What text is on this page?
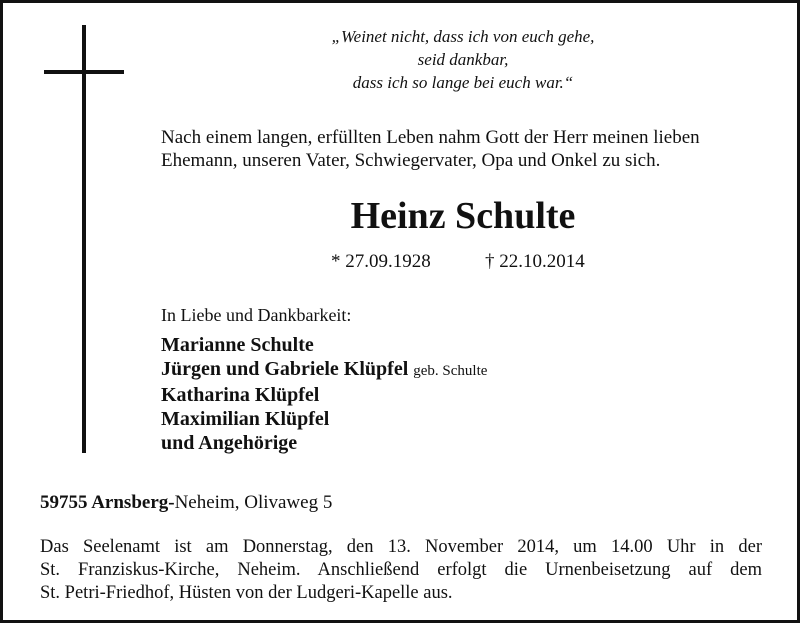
„Weinet nicht, dass ich von euch gehe,
seid dankbar,
dass ich so lange bei euch war.“
Nach einem langen, erfüllten Leben nahm Gott der Herr meinen lieben
Ehemann, unseren Vater, Schwiegervater, Opa und Onkel zu sich.
Heinz Schulte
* 27.09.1928	† 22.10.2014
In Liebe und Dankbarkeit:
Marianne Schulte
Jürgen und Gabriele Klüpfel geb. Schulte
Katharina Klüpfel
Maximilian Klüpfel
und Angehörige
59755 Arnsberg-Neheim, Olivaweg 5
Das Seelenamt ist am Donnerstag, den 13. November 2014, um 14.00 Uhr in der
St. Franziskus-Kirche, Neheim. Anschließend erfolgt die Urnenbeisetzung auf dem
St. Petri-Friedhof, Hüsten von der Ludgeri-Kapelle aus.
